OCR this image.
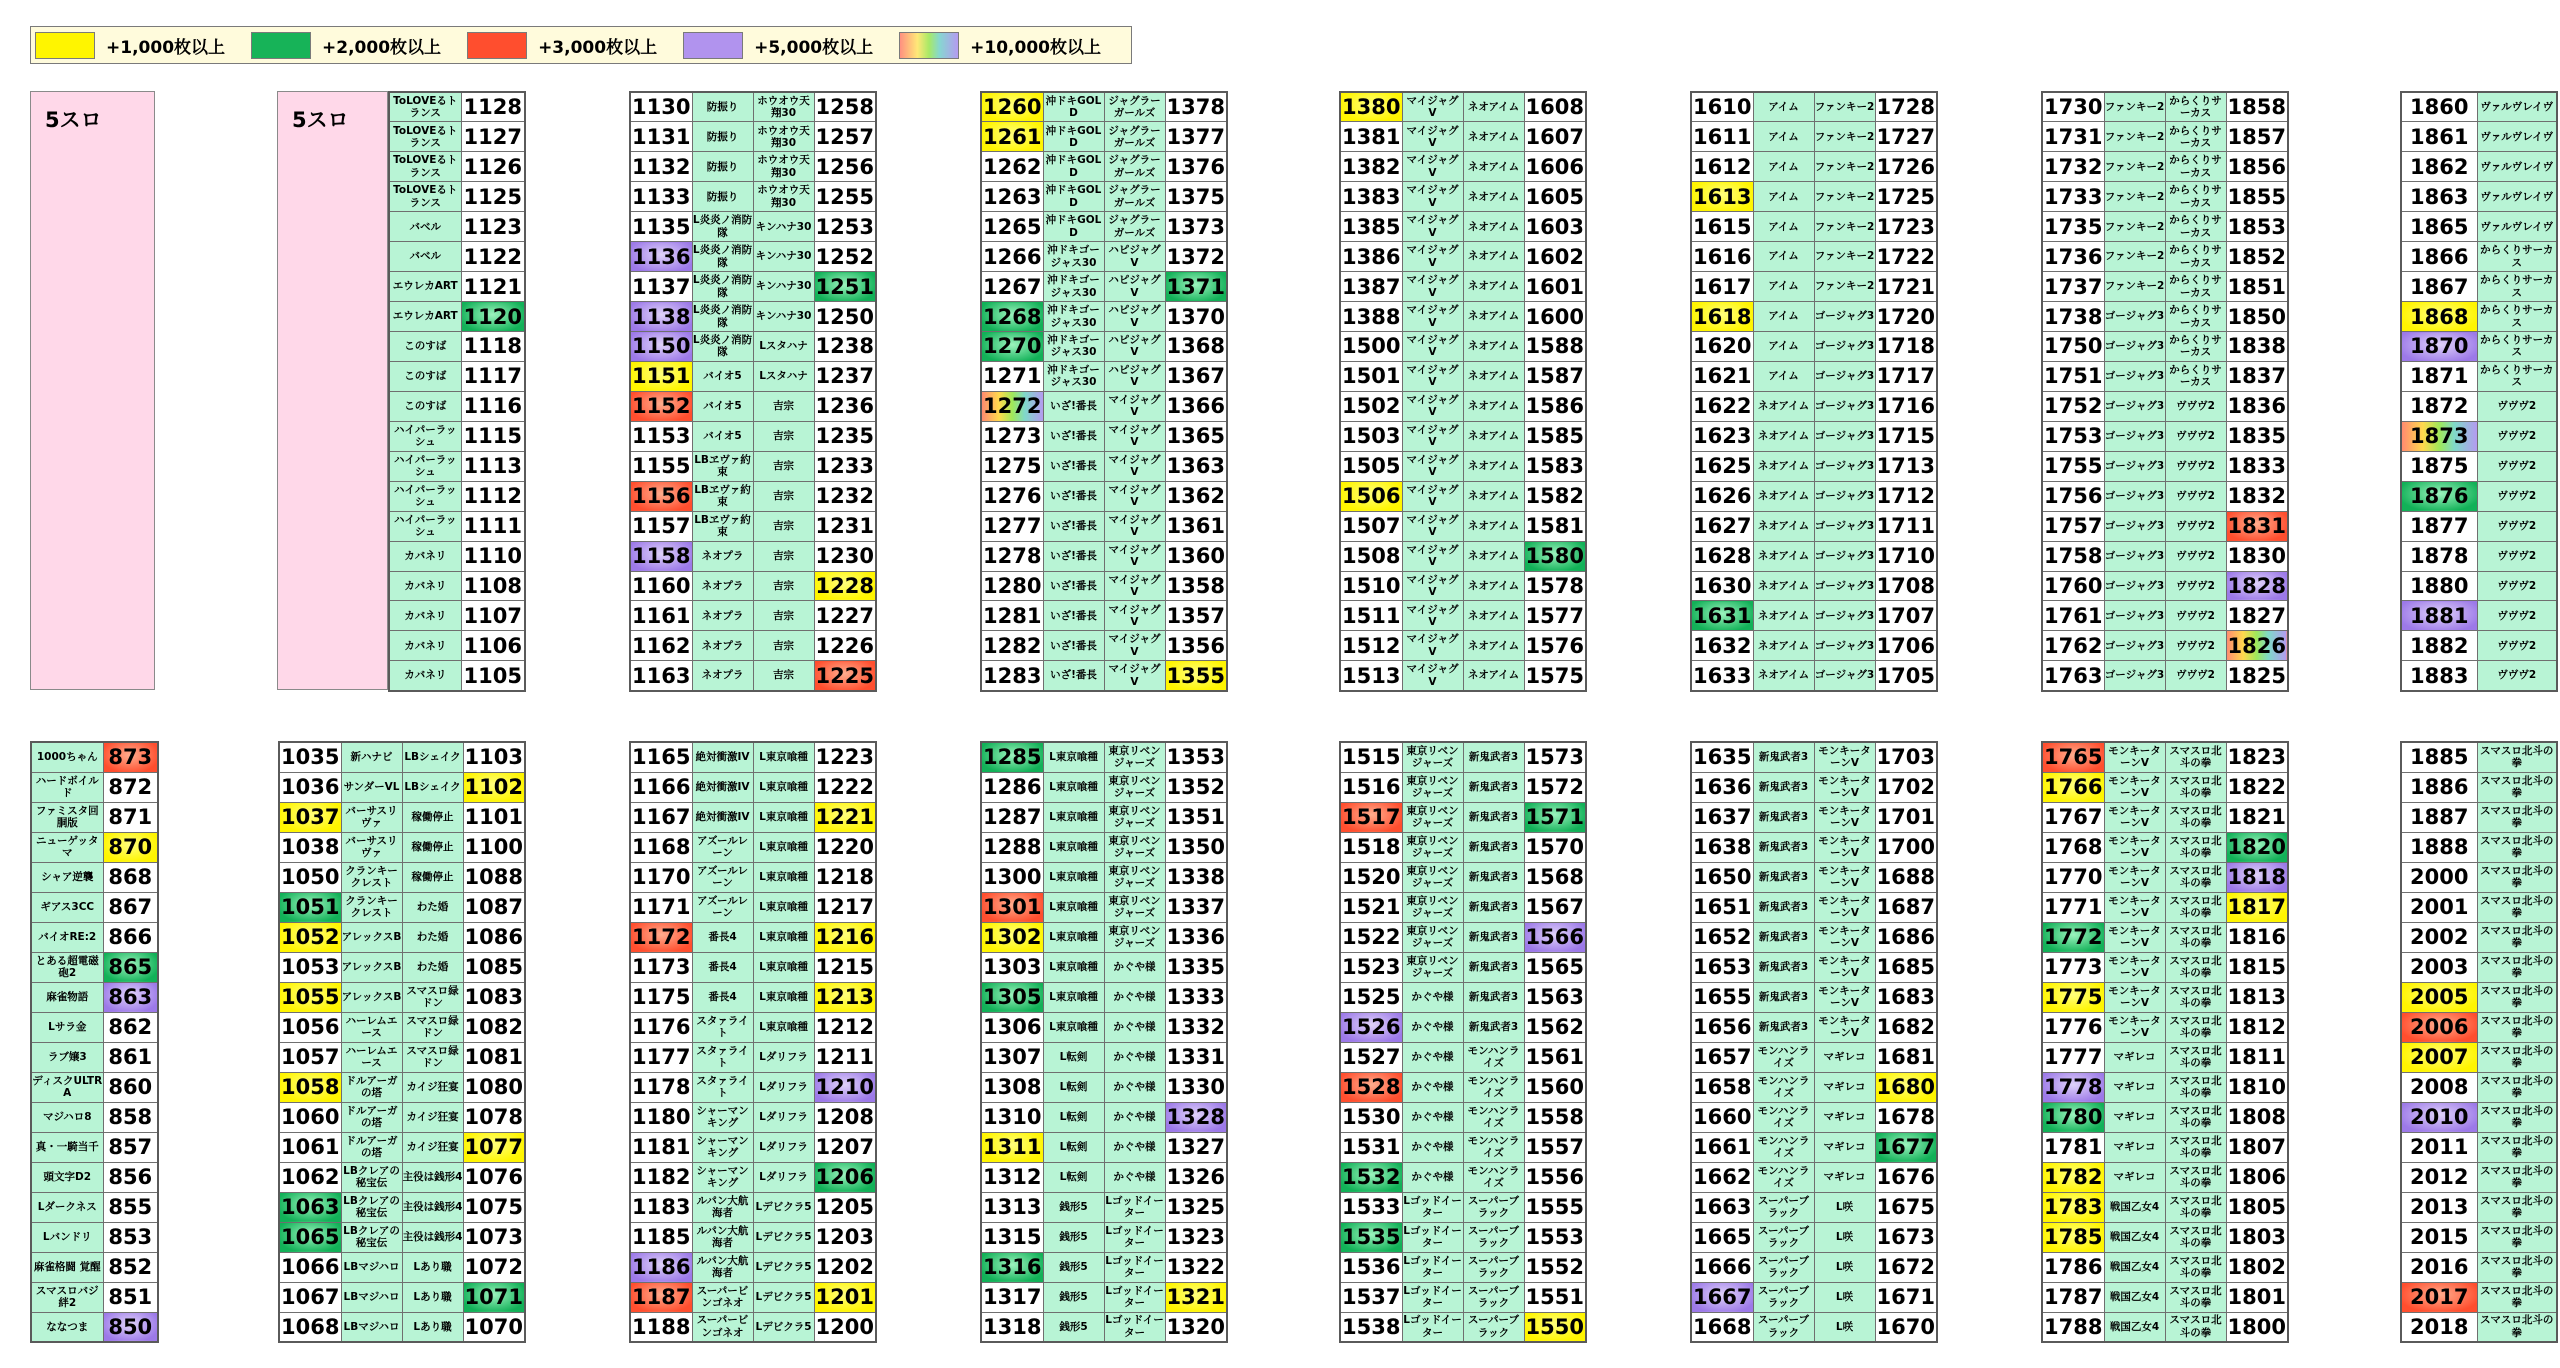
+1,000枚以上	+2,000枚以上	+3,000枚以上	+5,000枚以上	+10,000枚以上
5スロ	5スロ
ToLOVEるトランス	1128
ToLOVEるトランス	1127
ToLOVEるトランス	1126
ToLOVEるトランス	1125
バベル	1123
バベル	1122
エウレカART	1121
エウレカART	1120
このすば	1118
このすば	1117
このすば	1116
ハイパーラッシュ	1115
ハイパーラッシュ	1113
ハイパーラッシュ	1112
ハイパーラッシュ	1111
カバネリ	1110
カバネリ	1108
カバネリ	1107
カバネリ	1106
カバネリ	1105
1130	防振り	ホウオウ天翔30	1258
1131	防振り	ホウオウ天翔30	1257
1132	防振り	ホウオウ天翔30	1256
1133	防振り	ホウオウ天翔30	1255
1135	L炎炎ノ消防隊	キンハナ30	1253
1136	L炎炎ノ消防隊	キンハナ30	1252
1137	L炎炎ノ消防隊	キンハナ30	1251
1138	L炎炎ノ消防隊	キンハナ30	1250
1150	L炎炎ノ消防隊	Lスタハナ	1238
1151	バイオ5	Lスタハナ	1237
1152	バイオ5	吉宗	1236
1153	バイオ5	吉宗	1235
1155	LBヱヴァ約束	吉宗	1233
1156	LBヱヴァ約束	吉宗	1232
1157	LBヱヴァ約束	吉宗	1231
1158	ネオプラ	吉宗	1230
1160	ネオプラ	吉宗	1228
1161	ネオプラ	吉宗	1227
1162	ネオプラ	吉宗	1226
1163	ネオプラ	吉宗	1225
1260	沖ドキGOLD	ジャグラーガールズ	1378
1261	沖ドキGOLD	ジャグラーガールズ	1377
1262	沖ドキGOLD	ジャグラーガールズ	1376
1263	沖ドキGOLD	ジャグラーガールズ	1375
1265	沖ドキGOLD	ジャグラーガールズ	1373
1266	沖ドキゴージャス30	ハピジャグV	1372
1267	沖ドキゴージャス30	ハピジャグV	1371
1268	沖ドキゴージャス30	ハピジャグV	1370
1270	沖ドキゴージャス30	ハピジャグV	1368
1271	沖ドキゴージャス30	ハピジャグV	1367
1272	いざ!番長	マイジャグV	1366
1273	いざ!番長	マイジャグV	1365
1275	いざ!番長	マイジャグV	1363
1276	いざ!番長	マイジャグV	1362
1277	いざ!番長	マイジャグV	1361
1278	いざ!番長	マイジャグV	1360
1280	いざ!番長	マイジャグV	1358
1281	いざ!番長	マイジャグV	1357
1282	いざ!番長	マイジャグV	1356
1283	いざ!番長	マイジャグV	1355
1380	マイジャグV	ネオアイム	1608
1381	マイジャグV	ネオアイム	1607
1382	マイジャグV	ネオアイム	1606
1383	マイジャグV	ネオアイム	1605
1385	マイジャグV	ネオアイム	1603
1386	マイジャグV	ネオアイム	1602
1387	マイジャグV	ネオアイム	1601
1388	マイジャグV	ネオアイム	1600
1500	マイジャグV	ネオアイム	1588
1501	マイジャグV	ネオアイム	1587
1502	マイジャグV	ネオアイム	1586
1503	マイジャグV	ネオアイム	1585
1505	マイジャグV	ネオアイム	1583
1506	マイジャグV	ネオアイム	1582
1507	マイジャグV	ネオアイム	1581
1508	マイジャグV	ネオアイム	1580
1510	マイジャグV	ネオアイム	1578
1511	マイジャグV	ネオアイム	1577
1512	マイジャグV	ネオアイム	1576
1513	マイジャグV	ネオアイム	1575
1610	アイム	ファンキー2	1728
1611	アイム	ファンキー2	1727
1612	アイム	ファンキー2	1726
1613	アイム	ファンキー2	1725
1615	アイム	ファンキー2	1723
1616	アイム	ファンキー2	1722
1617	アイム	ファンキー2	1721
1618	アイム	ゴージャグ3	1720
1620	アイム	ゴージャグ3	1718
1621	アイム	ゴージャグ3	1717
1622	ネオアイム	ゴージャグ3	1716
1623	ネオアイム	ゴージャグ3	1715
1625	ネオアイム	ゴージャグ3	1713
1626	ネオアイム	ゴージャグ3	1712
1627	ネオアイム	ゴージャグ3	1711
1628	ネオアイム	ゴージャグ3	1710
1630	ネオアイム	ゴージャグ3	1708
1631	ネオアイム	ゴージャグ3	1707
1632	ネオアイム	ゴージャグ3	1706
1633	ネオアイム	ゴージャグ3	1705
1730	ファンキー2	からくりサーカス	1858
1731	ファンキー2	からくりサーカス	1857
1732	ファンキー2	からくりサーカス	1856
1733	ファンキー2	からくりサーカス	1855
1735	ファンキー2	からくりサーカス	1853
1736	ファンキー2	からくりサーカス	1852
1737	ファンキー2	からくりサーカス	1851
1738	ゴージャグ3	からくりサーカス	1850
1750	ゴージャグ3	からくりサーカス	1838
1751	ゴージャグ3	からくりサーカス	1837
1752	ゴージャグ3	ヴヴヴ2	1836
1753	ゴージャグ3	ヴヴヴ2	1835
1755	ゴージャグ3	ヴヴヴ2	1833
1756	ゴージャグ3	ヴヴヴ2	1832
1757	ゴージャグ3	ヴヴヴ2	1831
1758	ゴージャグ3	ヴヴヴ2	1830
1760	ゴージャグ3	ヴヴヴ2	1828
1761	ゴージャグ3	ヴヴヴ2	1827
1762	ゴージャグ3	ヴヴヴ2	1826
1763	ゴージャグ3	ヴヴヴ2	1825
1860	ヴァルヴレイヴ
1861	ヴァルヴレイヴ
1862	ヴァルヴレイヴ
1863	ヴァルヴレイヴ
1865	ヴァルヴレイヴ
1866	からくりサーカス
1867	からくりサーカス
1868	からくりサーカス
1870	からくりサーカス
1871	からくりサーカス
1872	ヴヴヴ2
1873	ヴヴヴ2
1875	ヴヴヴ2
1876	ヴヴヴ2
1877	ヴヴヴ2
1878	ヴヴヴ2
1880	ヴヴヴ2
1881	ヴヴヴ2
1882	ヴヴヴ2
1883	ヴヴヴ2
1000ちゃん	873
ハードボイルド	872
ファミスタ回胴版	871
ニューゲッタマ	870
シャア逆襲	868
ギアス3CC	867
バイオRE:2	866
とある超電磁砲2	865
麻雀物語	863
Lサラ金	862
ラブ嬢3	861
ディスクULTRA	860
マジハロ8	858
真・一騎当千	857
頭文字D2	856
Lダークネス	855
Lバンドリ	853
麻雀格闘 覚醒	852
スマスロバジ絆2	851
ななつま	850
1035	新ハナビ	LBシェイク	1103
1036	サンダーVL	LBシェイク	1102
1037	バーサスリヴァ	稼働停止	1101
1038	バーサスリヴァ	稼働停止	1100
1050	クランキークレスト	稼働停止	1088
1051	クランキークレスト	わた婚	1087
1052	アレックスB	わた婚	1086
1053	アレックスB	わた婚	1085
1055	アレックスB	スマスロ緑ドン	1083
1056	ハーレムエース	スマスロ緑ドン	1082
1057	ハーレムエース	スマスロ緑ドン	1081
1058	ドルアーガの塔	カイジ狂宴	1080
1060	ドルアーガの塔	カイジ狂宴	1078
1061	ドルアーガの塔	カイジ狂宴	1077
1062	LBクレアの秘宝伝	主役は銭形4	1076
1063	LBクレアの秘宝伝	主役は銭形4	1075
1065	LBクレアの秘宝伝	主役は銭形4	1073
1066	LBマジハロ	Lあり職	1072
1067	LBマジハロ	Lあり職	1071
1068	LBマジハロ	Lあり職	1070
1165	絶対衝激IV	L東京喰種	1223
1166	絶対衝激IV	L東京喰種	1222
1167	絶対衝激IV	L東京喰種	1221
1168	アズールレーン	L東京喰種	1220
1170	アズールレーン	L東京喰種	1218
1171	アズールレーン	L東京喰種	1217
1172	番長4	L東京喰種	1216
1173	番長4	L東京喰種	1215
1175	番長4	L東京喰種	1213
1176	スタァライト	L東京喰種	1212
1177	スタァライト	Lダリフラ	1211
1178	スタァライト	Lダリフラ	1210
1180	シャーマンキング	Lダリフラ	1208
1181	シャーマンキング	Lダリフラ	1207
1182	シャーマンキング	Lダリフラ	1206
1183	ルパン大航海者	Lデビクラ5	1205
1185	ルパン大航海者	Lデビクラ5	1203
1186	ルパン大航海者	Lデビクラ5	1202
1187	スーパービンゴネオ	Lデビクラ5	1201
1188	スーパービンゴネオ	Lデビクラ5	1200
1285	L東京喰種	東京リベンジャーズ	1353
1286	L東京喰種	東京リベンジャーズ	1352
1287	L東京喰種	東京リベンジャーズ	1351
1288	L東京喰種	東京リベンジャーズ	1350
1300	L東京喰種	東京リベンジャーズ	1338
1301	L東京喰種	東京リベンジャーズ	1337
1302	L東京喰種	東京リベンジャーズ	1336
1303	L東京喰種	かぐや様	1335
1305	L東京喰種	かぐや様	1333
1306	L東京喰種	かぐや様	1332
1307	L転剣	かぐや様	1331
1308	L転剣	かぐや様	1330
1310	L転剣	かぐや様	1328
1311	L転剣	かぐや様	1327
1312	L転剣	かぐや様	1326
1313	銭形5	Lゴッドイーター	1325
1315	銭形5	Lゴッドイーター	1323
1316	銭形5	Lゴッドイーター	1322
1317	銭形5	Lゴッドイーター	1321
1318	銭形5	Lゴッドイーター	1320
1515	東京リベンジャーズ	新鬼武者3	1573
1516	東京リベンジャーズ	新鬼武者3	1572
1517	東京リベンジャーズ	新鬼武者3	1571
1518	東京リベンジャーズ	新鬼武者3	1570
1520	東京リベンジャーズ	新鬼武者3	1568
1521	東京リベンジャーズ	新鬼武者3	1567
1522	東京リベンジャーズ	新鬼武者3	1566
1523	東京リベンジャーズ	新鬼武者3	1565
1525	かぐや様	新鬼武者3	1563
1526	かぐや様	新鬼武者3	1562
1527	かぐや様	モンハンライズ	1561
1528	かぐや様	モンハンライズ	1560
1530	かぐや様	モンハンライズ	1558
1531	かぐや様	モンハンライズ	1557
1532	かぐや様	モンハンライズ	1556
1533	Lゴッドイーター	スーパーブラック	1555
1535	Lゴッドイーター	スーパーブラック	1553
1536	Lゴッドイーター	スーパーブラック	1552
1537	Lゴッドイーター	スーパーブラック	1551
1538	Lゴッドイーター	スーパーブラック	1550
1635	新鬼武者3	モンキーターンV	1703
1636	新鬼武者3	モンキーターンV	1702
1637	新鬼武者3	モンキーターンV	1701
1638	新鬼武者3	モンキーターンV	1700
1650	新鬼武者3	モンキーターンV	1688
1651	新鬼武者3	モンキーターンV	1687
1652	新鬼武者3	モンキーターンV	1686
1653	新鬼武者3	モンキーターンV	1685
1655	新鬼武者3	モンキーターンV	1683
1656	新鬼武者3	モンキーターンV	1682
1657	モンハンライズ	マギレコ	1681
1658	モンハンライズ	マギレコ	1680
1660	モンハンライズ	マギレコ	1678
1661	モンハンライズ	マギレコ	1677
1662	モンハンライズ	マギレコ	1676
1663	スーパーブラック	L咲	1675
1665	スーパーブラック	L咲	1673
1666	スーパーブラック	L咲	1672
1667	スーパーブラック	L咲	1671
1668	スーパーブラック	L咲	1670
1765	モンキーターンV	スマスロ北斗の拳	1823
1766	モンキーターンV	スマスロ北斗の拳	1822
1767	モンキーターンV	スマスロ北斗の拳	1821
1768	モンキーターンV	スマスロ北斗の拳	1820
1770	モンキーターンV	スマスロ北斗の拳	1818
1771	モンキーターンV	スマスロ北斗の拳	1817
1772	モンキーターンV	スマスロ北斗の拳	1816
1773	モンキーターンV	スマスロ北斗の拳	1815
1775	モンキーターンV	スマスロ北斗の拳	1813
1776	モンキーターンV	スマスロ北斗の拳	1812
1777	マギレコ	スマスロ北斗の拳	1811
1778	マギレコ	スマスロ北斗の拳	1810
1780	マギレコ	スマスロ北斗の拳	1808
1781	マギレコ	スマスロ北斗の拳	1807
1782	マギレコ	スマスロ北斗の拳	1806
1783	戦国乙女4	スマスロ北斗の拳	1805
1785	戦国乙女4	スマスロ北斗の拳	1803
1786	戦国乙女4	スマスロ北斗の拳	1802
1787	戦国乙女4	スマスロ北斗の拳	1801
1788	戦国乙女4	スマスロ北斗の拳	1800
1885	スマスロ北斗の拳
1886	スマスロ北斗の拳
1887	スマスロ北斗の拳
1888	スマスロ北斗の拳
2000	スマスロ北斗の拳
2001	スマスロ北斗の拳
2002	スマスロ北斗の拳
2003	スマスロ北斗の拳
2005	スマスロ北斗の拳
2006	スマスロ北斗の拳
2007	スマスロ北斗の拳
2008	スマスロ北斗の拳
2010	スマスロ北斗の拳
2011	スマスロ北斗の拳
2012	スマスロ北斗の拳
2013	スマスロ北斗の拳
2015	スマスロ北斗の拳
2016	スマスロ北斗の拳
2017	スマスロ北斗の拳
2018	スマスロ北斗の拳
